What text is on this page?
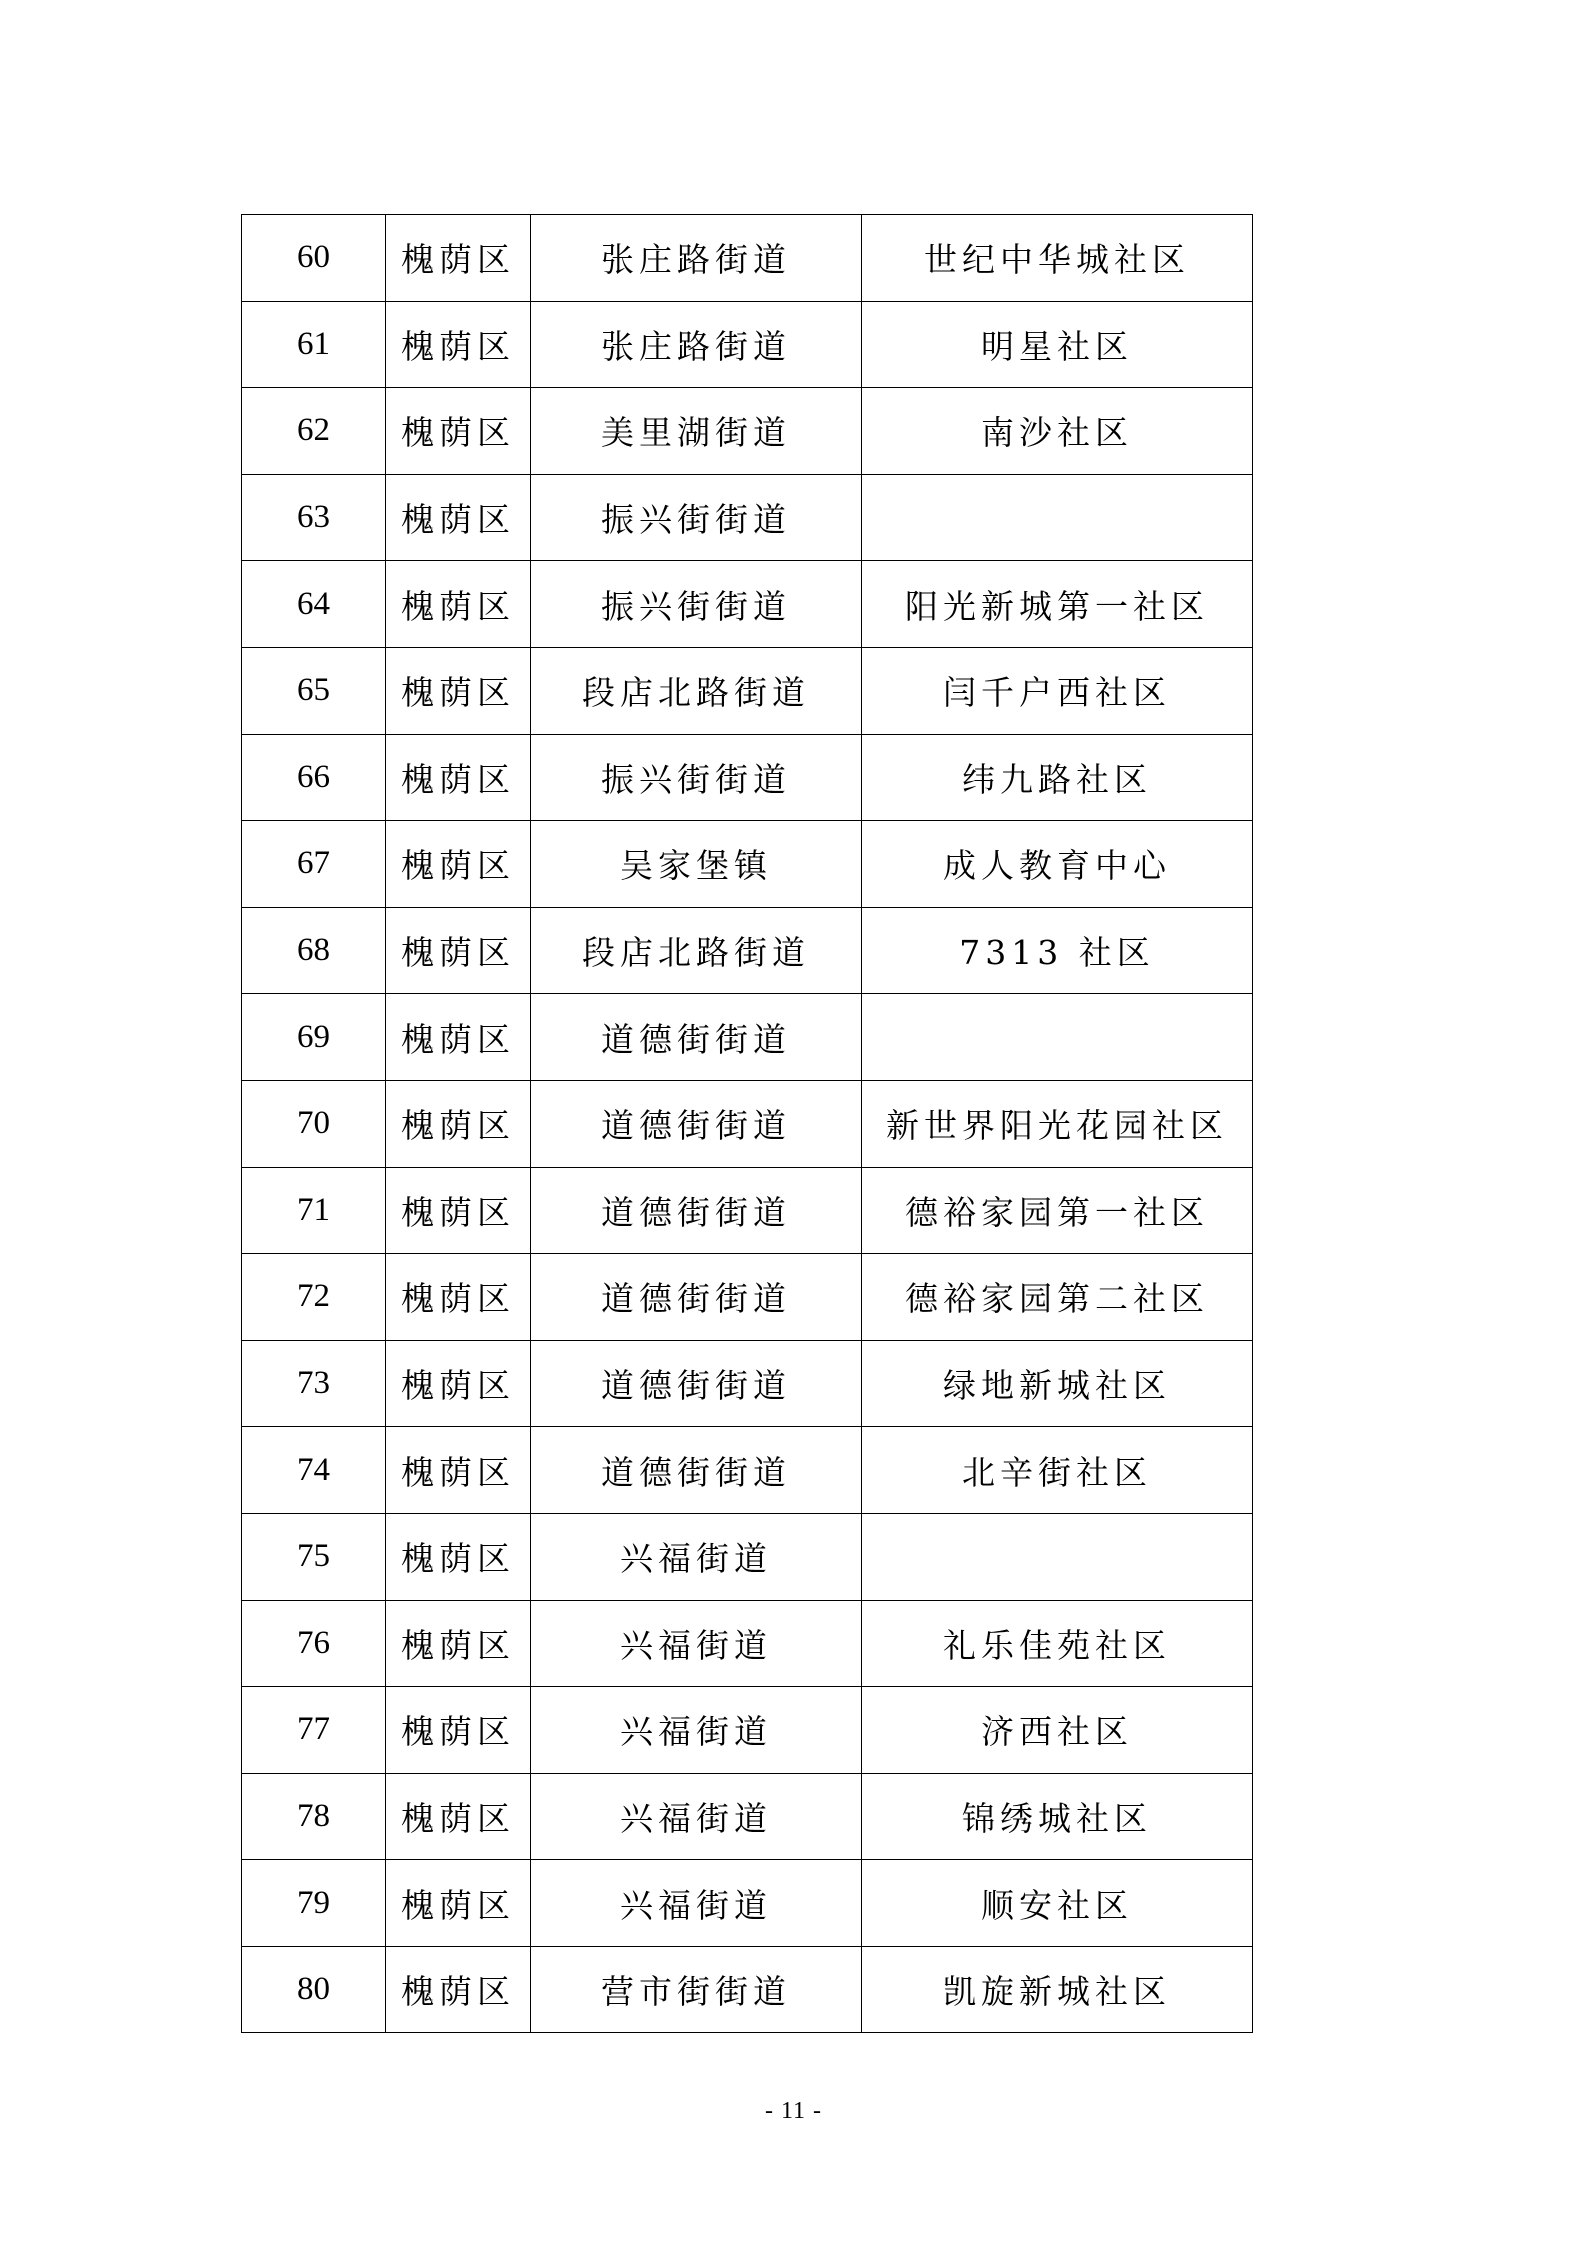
60	槐荫区	张庄路街道	世纪中华城社区
61	槐荫区	张庄路街道	明星社区
62	槐荫区	美里湖街道	南沙社区
63	槐荫区	振兴街街道	
64	槐荫区	振兴街街道	阳光新城第一社区
65	槐荫区	段店北路街道	闫千户西社区
66	槐荫区	振兴街街道	纬九路社区
67	槐荫区	吴家堡镇	成人教育中心
68	槐荫区	段店北路街道	7313 社区
69	槐荫区	道德街街道	
70	槐荫区	道德街街道	新世界阳光花园社区
71	槐荫区	道德街街道	德裕家园第一社区
72	槐荫区	道德街街道	德裕家园第二社区
73	槐荫区	道德街街道	绿地新城社区
74	槐荫区	道德街街道	北辛街社区
75	槐荫区	兴福街道	
76	槐荫区	兴福街道	礼乐佳苑社区
77	槐荫区	兴福街道	济西社区
78	槐荫区	兴福街道	锦绣城社区
79	槐荫区	兴福街道	顺安社区
80	槐荫区	营市街街道	凯旋新城社区
- 11 -
